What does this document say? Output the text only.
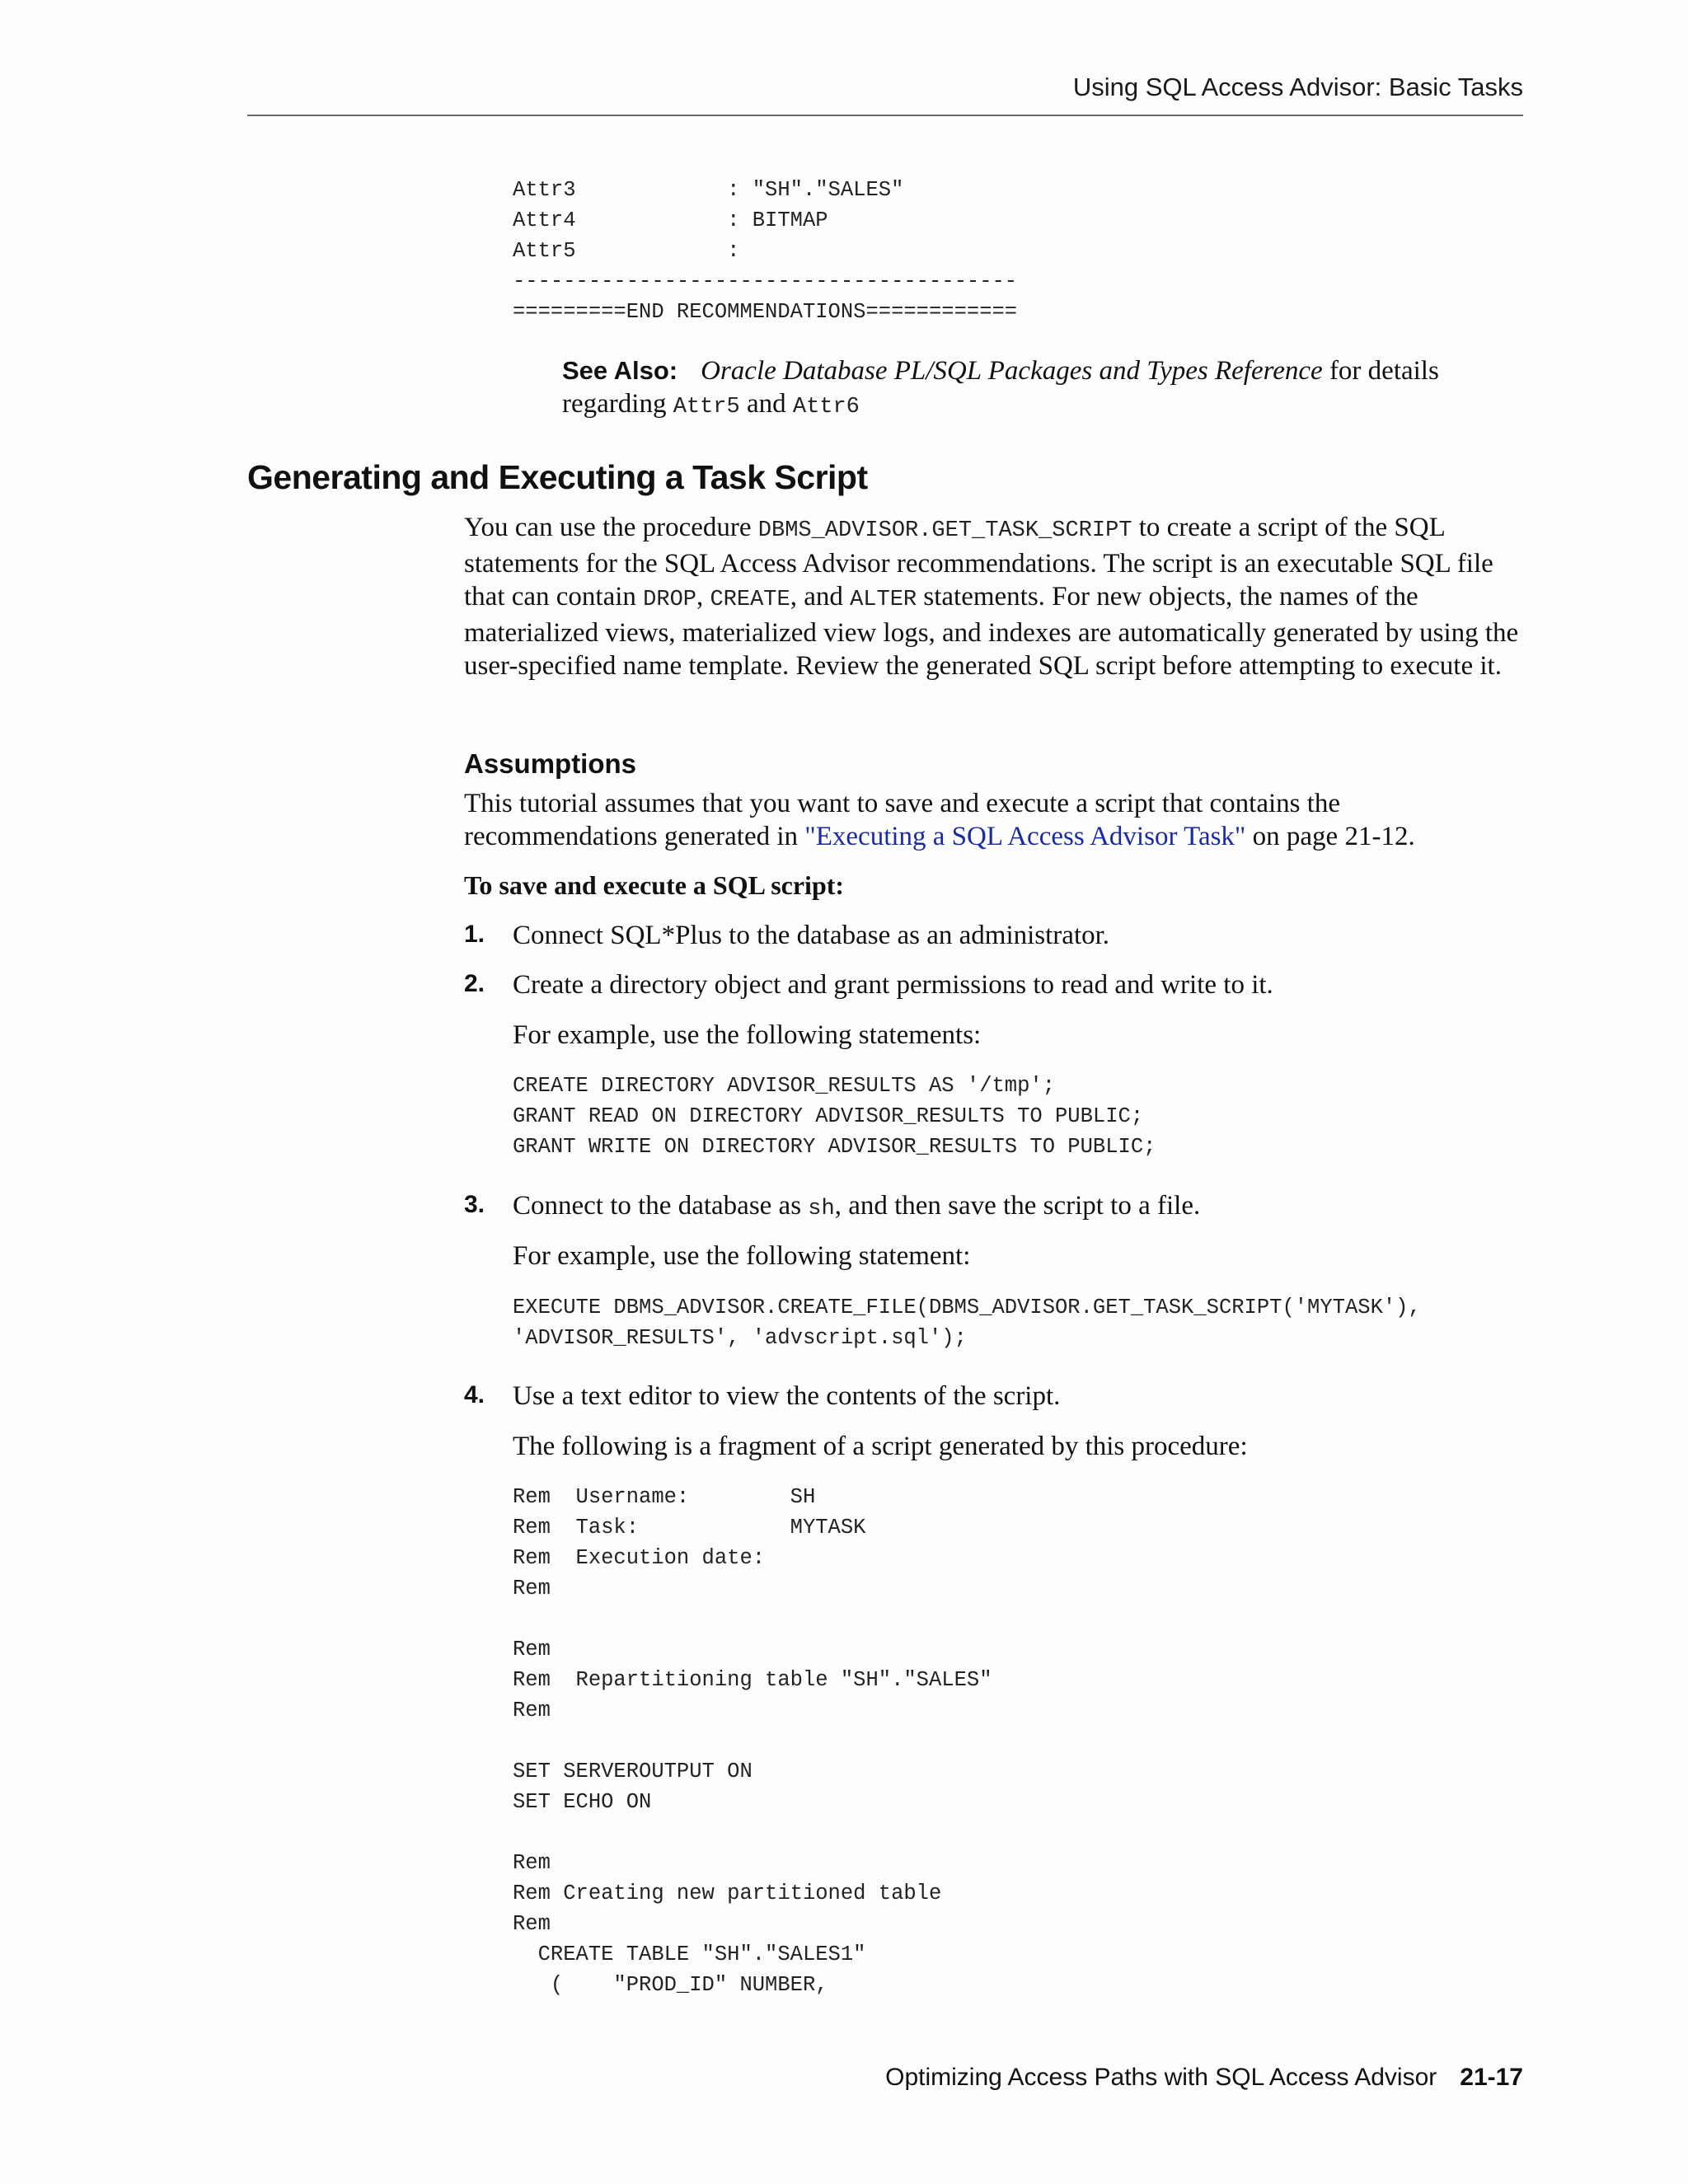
Using SQL Access Advisor: Basic Tasks
Attr3            : "SH"."SALES"
Attr4            : BITMAP
Attr5            :
----------------------------------------
=========END RECOMMENDATIONS============
See Also: Oracle Database PL/SQL Packages and Types Reference for details regarding Attr5 and Attr6
Generating and Executing a Task Script

You can use the procedure DBMS_ADVISOR.GET_TASK_SCRIPT to create a script of the SQL statements for the SQL Access Advisor recommendations. The script is an executable SQL file that can contain DROP, CREATE, and ALTER statements. For new objects, the names of the materialized views, materialized view logs, and indexes are automatically generated by using the user-specified name template. Review the generated SQL script before attempting to execute it.

Assumptions

This tutorial assumes that you want to save and execute a script that contains the recommendations generated in "Executing a SQL Access Advisor Task" on page 21-12.

To save and execute a SQL script:

1. Connect SQL*Plus to the database as an administrator.
2. Create a directory object and grant permissions to read and write to it.
For example, use the following statements:
CREATE DIRECTORY ADVISOR_RESULTS AS '/tmp';
GRANT READ ON DIRECTORY ADVISOR_RESULTS TO PUBLIC;
GRANT WRITE ON DIRECTORY ADVISOR_RESULTS TO PUBLIC;
3. Connect to the database as sh, and then save the script to a file.
For example, use the following statement:
EXECUTE DBMS_ADVISOR.CREATE_FILE(DBMS_ADVISOR.GET_TASK_SCRIPT('MYTASK'),
'ADVISOR_RESULTS', 'advscript.sql');
4. Use a text editor to view the contents of the script.
The following is a fragment of a script generated by this procedure:
Rem  Username:        SH
Rem  Task:            MYTASK
Rem  Execution date:
Rem

Rem
Rem  Repartitioning table "SH"."SALES"
Rem

SET SERVEROUTPUT ON
SET ECHO ON

Rem
Rem Creating new partitioned table
Rem
CREATE TABLE "SH"."SALES1"
(    "PROD_ID" NUMBER,
Optimizing Access Paths with SQL Access Advisor 21-17
